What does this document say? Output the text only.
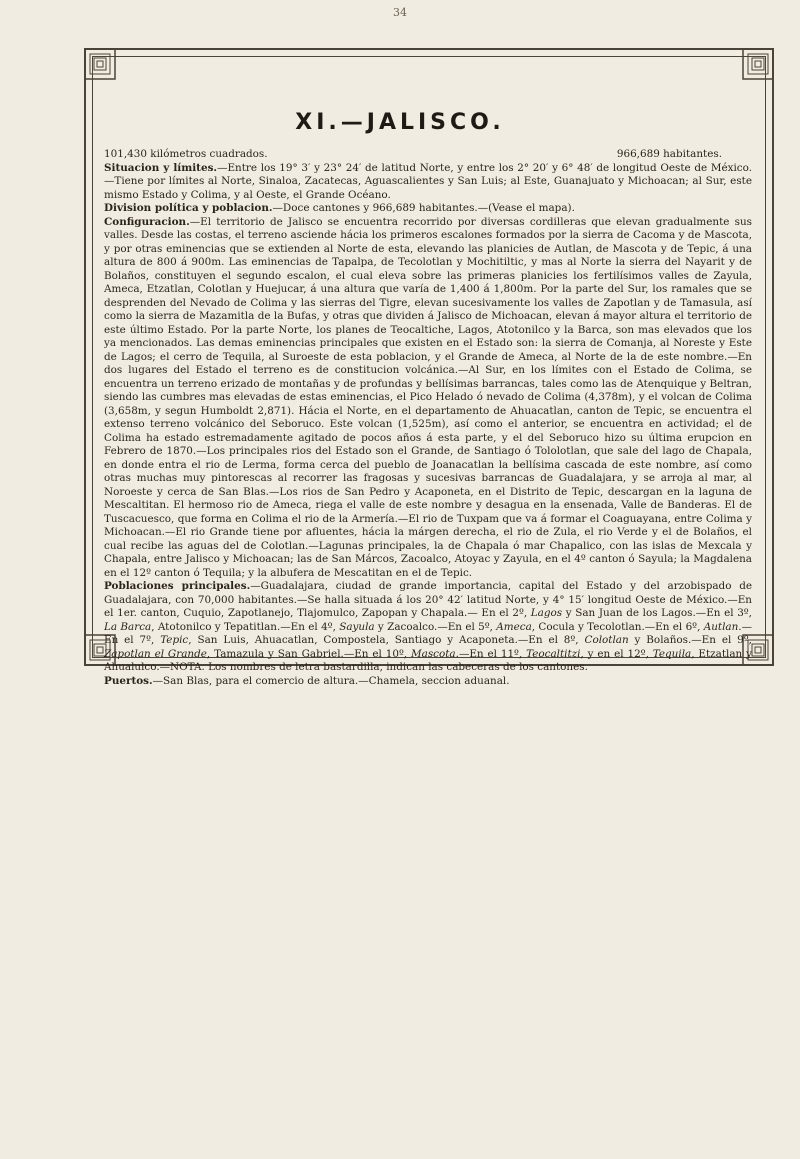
34
XI.—JALISCO.

101,430 kilómetros cuadrados.	966,689 habitantes.

Situacion y límites.—Entre los 19° 3′ y 23° 24′ de latitud Norte, y entre los 2° 20′ y 6° 48′ de longitud Oeste de México.—Tiene por límites al Norte, Sinaloa, Zacatecas, Aguascalientes y San Luis; al Este, Guanajuato y Michoacan; al Sur, este mismo Estado y Colima, y al Oeste, el Grande Océano.

Division política y poblacion.—Doce cantones y 966,689 habitantes.—(Vease el mapa).

Configuracion.—El territorio de Jalisco se encuentra recorrido por diversas cordilleras que elevan gradualmente sus valles. Desde las costas, el terreno asciende hácia los primeros escalones formados por la sierra de Cacoma y de Mascota, y por otras eminencias que se extienden al Norte de esta, elevando las planicies de Autlan, de Mascota y de Tepic, á una altura de 800 á 900m. Las eminencias de Tapalpa, de Tecolotlan y Mochitiltic, y mas al Norte la sierra del Nayarit y de Bolaños, constituyen el segundo escalon, el cual eleva sobre las primeras planicies los fertilísimos valles de Zayula, Ameca, Etzatlan, Colotlan y Huejucar, á una altura que varía de 1,400 á 1,800m. Por la parte del Sur, los ramales que se desprenden del Nevado de Colima y las sierras del Tigre, elevan sucesivamente los valles de Zapotlan y de Tamasula, así como la sierra de Mazamitla de la Bufas, y otras que dividen á Jalisco de Michoacan, elevan á mayor altura el territorio de este último Estado. Por la parte Norte, los planes de Teocaltiche, Lagos, Atotonilco y la Barca, son mas elevados que los ya mencionados. Las demas eminencias principales que existen en el Estado son: la sierra de Comanja, al Noreste y Este de Lagos; el cerro de Tequila, al Suroeste de esta poblacion, y el Grande de Ameca, al Norte de la de este nombre.—En dos lugares del Estado el terreno es de constitucion volcánica.—Al Sur, en los límites con el Estado de Colima, se encuentra un terreno erizado de montañas y de profundas y bellísimas barrancas, tales como las de Atenquique y Beltran, siendo las cumbres mas elevadas de estas eminencias, el Pico Helado ó nevado de Colima (4,378m), y el volcan de Colima (3,658m, y segun Humboldt 2,871). Hácia el Norte, en el departamento de Ahuacatlan, canton de Tepic, se encuentra el extenso terreno volcánico del Seboruco. Este volcan (1,525m), así como el anterior, se encuentra en actividad; el de Colima ha estado estremadamente agitado de pocos años á esta parte, y el del Seboruco hizo su última erupcion en Febrero de 1870.—Los principales rios del Estado son el Grande, de Santiago ó Tololotlan, que sale del lago de Chapala, en donde entra el rio de Lerma, forma cerca del pueblo de Joanacatlan la bellísima cascada de este nombre, así como otras muchas muy pintorescas al recorrer las fragosas y sucesivas barrancas de Guadalajara, y se arroja al mar, al Noroeste y cerca de San Blas.—Los rios de San Pedro y Acaponeta, en el Distrito de Tepic, descargan en la laguna de Mescaltitan. El hermoso rio de Ameca, riega el valle de este nombre y desagua en la ensenada, Valle de Banderas. El de Tuscacuesco, que forma en Colima el rio de la Armería.—El rio de Tuxpam que va á formar el Coaguayana, entre Colima y Michoacan.—El rio Grande tiene por afluentes, hácia la márgen derecha, el rio de Zula, el rio Verde y el de Bolaños, el cual recibe las aguas del de Colotlan.—Lagunas principales, la de Chapala ó mar Chapalico, con las islas de Mexcala y Chapala, entre Jalisco y Michoacan; las de San Márcos, Zacoalco, Atoyac y Zayula, en el 4º canton ó Sayula; la Magdalena en el 12º canton ó Tequila; y la albufera de Mescatitan en el de Tepic.

Poblaciones principales.—Guadalajara, ciudad de grande importancia, capital del Estado y del arzobispado de Guadalajara, con 70,000 habitantes.—Se halla situada á los 20° 42′ latitud Norte, y 4° 15′ longitud Oeste de México.—En el 1er. canton, Cuquio, Zapotlanejo, Tlajomulco, Zapopan y Chapala.— En el 2º, Lagos y San Juan de los Lagos.—En el 3º, La Barca, Atotonilco y Tepatitlan.—En el 4º, Sayula y Zacoalco.—En el 5º, Ameca, Cocula y Tecolotlan.—En el 6º, Autlan.—En el 7º, Tepic, San Luis, Ahuacatlan, Compostela, Santiago y Acaponeta.—En el 8º, Colotlan y Bolaños.—En el 9º, Zapotlan el Grande, Tamazula y San Gabriel.—En el 10º, Mascota.—En el 11º, Teocaltitzi, y en el 12º, Tequila, Etzatlan y Ahualulco.—NOTA. Los nombres de letra bastardilla, indican las cabeceras de los cantones.

Puertos.—San Blas, para el comercio de altura.—Chamela, seccion aduanal.
